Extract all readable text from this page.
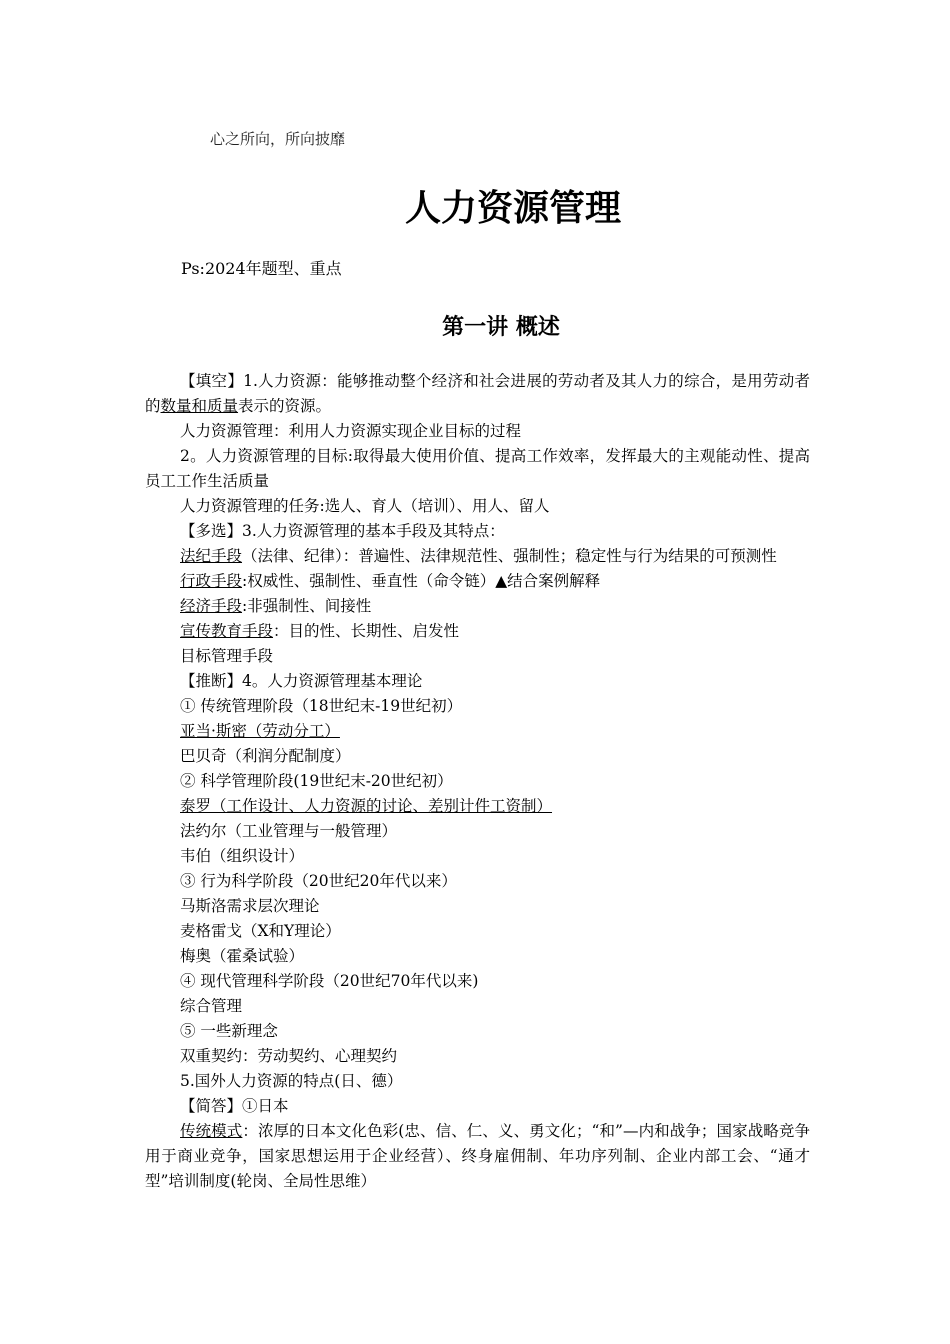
心之所向，所向披靡
人力资源管理
Ps:2024年题型、重点
第一讲 概述

【填空】1.人力资源：能够推动整个经济和社会进展的劳动者及其人力的综合，是用劳动者的数量和质量表示的资源。

人力资源管理：利用人力资源实现企业目标的过程

2。人力资源管理的目标:取得最大使用价值、提高工作效率，发挥最大的主观能动性、提高员工工作生活质量

人力资源管理的任务:选人、育人（培训）、用人、留人

【多选】3.人力资源管理的基本手段及其特点：

法纪手段（法律、纪律）：普遍性、法律规范性、强制性；稳定性与行为结果的可预测性

行政手段:权威性、强制性、垂直性（命令链）▲结合案例解释

经济手段:非强制性、间接性

宣传教育手段：目的性、长期性、启发性

目标管理手段

【推断】4。人力资源管理基本理论

① 传统管理阶段（18世纪末-19世纪初）

亚当·斯密（劳动分工）

巴贝奇（利润分配制度）

② 科学管理阶段(19世纪末-20世纪初）

泰罗（工作设计、人力资源的讨论、差别计件工资制）

法约尔（工业管理与一般管理）

韦伯（组织设计）

③ 行为科学阶段（20世纪20年代以来）

马斯洛需求层次理论

麦格雷戈（X和Y理论）

梅奥（霍桑试验）

④ 现代管理科学阶段（20世纪70年代以来)

综合管理

⑤ 一些新理念

双重契约：劳动契约、心理契约

5.国外人力资源的特点(日、德）

【简答】①日本

传统模式：浓厚的日本文化色彩(忠、信、仁、义、勇文化；“和”—内和战争；国家战略竞争用于商业竞争，国家思想运用于企业经营）、终身雇佣制、年功序列制、企业内部工会、“通才型”培训制度(轮岗、全局性思维）
